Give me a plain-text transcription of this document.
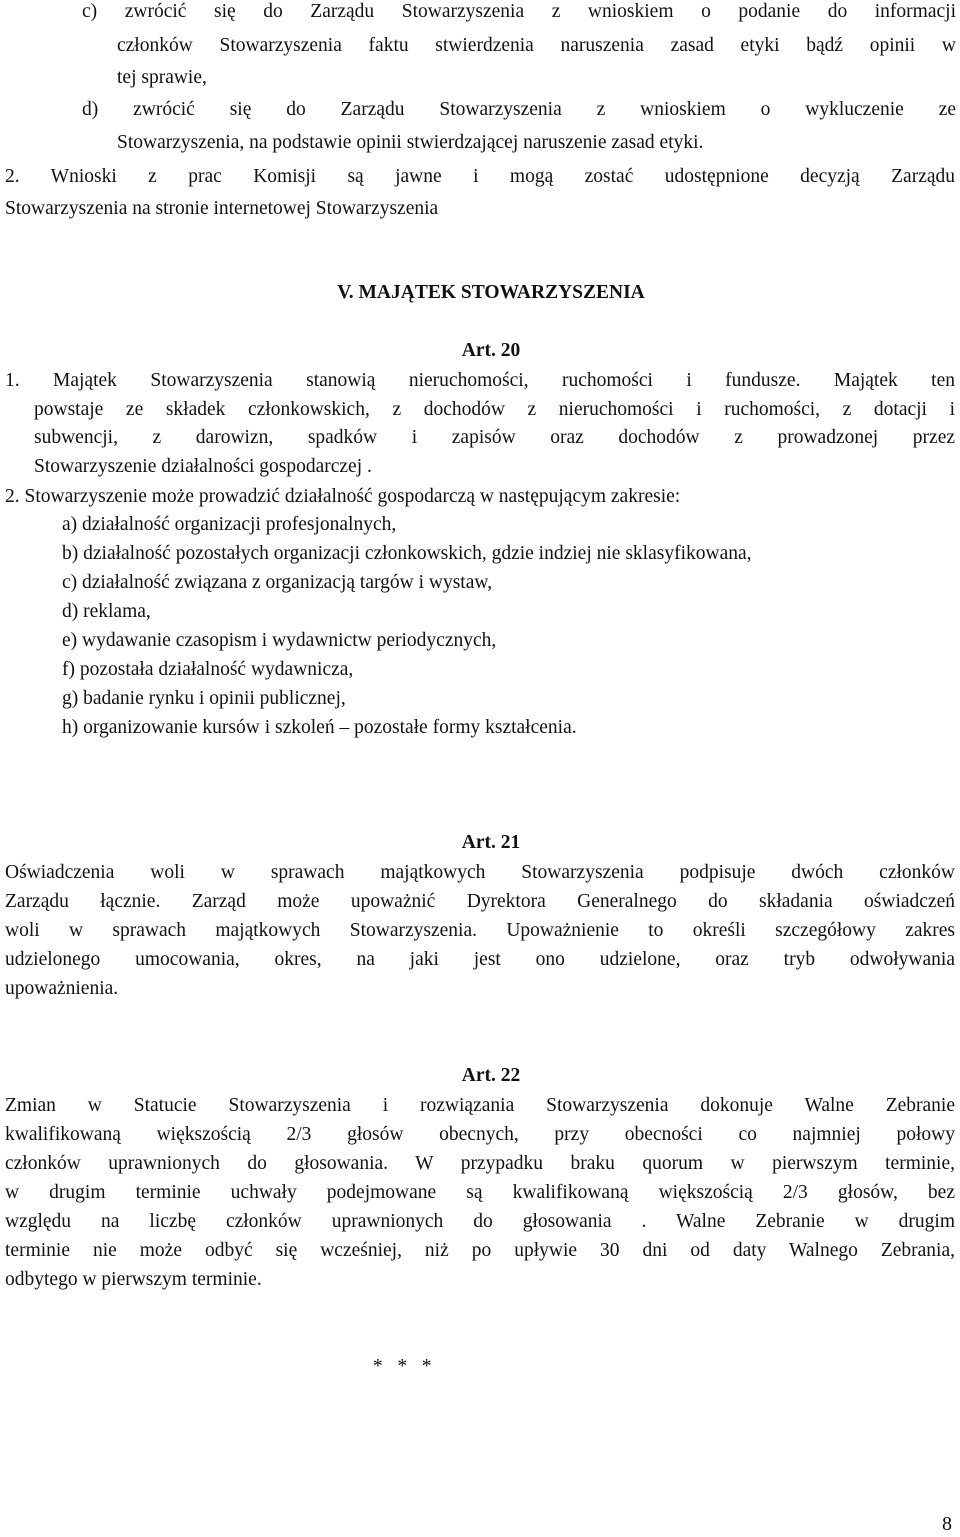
c) zwrócić się do Zarządu Stowarzyszenia z wnioskiem o podanie do informacji
członków Stowarzyszenia faktu stwierdzenia naruszenia zasad etyki bądź opinii w
tej sprawie,
d) zwrócić się do Zarządu Stowarzyszenia z wnioskiem o wykluczenie ze
Stowarzyszenia, na podstawie opinii stwierdzającej naruszenie zasad etyki.
2. Wnioski z prac Komisji są jawne i mogą zostać udostępnione decyzją Zarządu
Stowarzyszenia na stronie internetowej Stowarzyszenia
V. MAJĄTEK STOWARZYSZENIA
Art. 20
1. Majątek Stowarzyszenia stanowią nieruchomości, ruchomości i fundusze. Majątek ten
powstaje ze składek członkowskich, z dochodów z nieruchomości i ruchomości, z dotacji i
subwencji, z darowizn, spadków i zapisów oraz dochodów z prowadzonej przez
Stowarzyszenie działalności gospodarczej .
2. Stowarzyszenie może prowadzić działalność gospodarczą w następującym zakresie:
a) działalność organizacji profesjonalnych,
b) działalność pozostałych organizacji członkowskich, gdzie indziej nie sklasyfikowana,
c) działalność związana z organizacją targów i wystaw,
d) reklama,
e) wydawanie czasopism i wydawnictw periodycznych,
f) pozostała działalność wydawnicza,
g) badanie rynku i opinii publicznej,
h) organizowanie kursów i szkoleń – pozostałe formy kształcenia.
Art. 21
Oświadczenia woli w sprawach majątkowych Stowarzyszenia podpisuje dwóch członków
Zarządu łącznie. Zarząd może upoważnić Dyrektora Generalnego do składania oświadczeń
woli w sprawach majątkowych Stowarzyszenia. Upoważnienie to określi szczegółowy zakres
udzielonego umocowania, okres, na jaki jest ono udzielone, oraz tryb odwoływania
upoważnienia.
Art. 22
Zmian w Statucie Stowarzyszenia i rozwiązania Stowarzyszenia dokonuje Walne Zebranie
kwalifikowaną większością 2/3 głosów obecnych, przy obecności co najmniej połowy
członków uprawnionych do głosowania. W przypadku braku quorum w pierwszym terminie,
w drugim terminie uchwały podejmowane są kwalifikowaną większością 2/3 głosów, bez
względu na liczbę członków uprawnionych do głosowania . Walne Zebranie w drugim
terminie nie może odbyć się wcześniej, niż po upływie 30 dni od daty Walnego Zebrania,
odbytego w pierwszym terminie.
*   *   *
8
